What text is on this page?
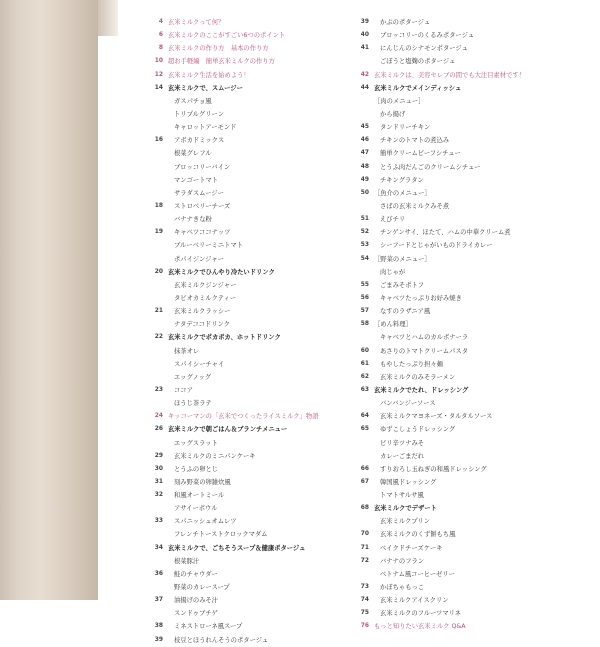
4 玄米ミルクって何？
6 玄米ミルクのここがすごい6つのポイント
8 玄米ミルクの作り方　基本の作り方
10 超お手軽編　簡単玄米ミルクの作り方
12 玄米ミルク生活を始めよう！
14 玄米ミルクで、スムージー
ガスパチョ風
トリプルグリーン
キャロットアーモンド
16 アボカドミックス
根菜グレフル
ブロッコリーバイン
マンゴートマト
サラダスムージー
18 ストロベリーチーズ
バナナきな粉
19 キャベツココナッツ
ブルーベリーミニトマト
ポパイジンジャー
20 玄米ミルクでひんやり冷たいドリンク
玄米ミルクジンジャー
タピオカミルクティー
21 玄米ミルクラッシー
ナタデココドリンク
22 玄米ミルクでポカポカ、ホットドリンク
抹茶オレ
スパイシーチャイ
エッグノッグ
23 ココア
ほうじ茶ラテ
24 キッコーマンの「玄米でつくったライスミルク」物語
26 玄米ミルクで朝ごはん＆ブランチメニュー
エッグスラット
29 玄米ミルクのミニパンケーキ
30 とうふの卵とじ
31 刻み野菜の卵雑炊風
32 和風オートミール
アサイーボウル
33 スパニッシュオムレツ
フレンチトーストクロックマダム
34 玄米ミルクで、ごちそうスープ＆健康ポタージュ
根菜豚汁
36 鮭のチャウダー
野菜のカレースープ
37 油揚げのみそ汁
スンドゥブチゲ
38 ミネストローネ風スープ
39 枝豆とほうれんそうのポタージュ
39 かぶのポタージュ
40 ブロッコリーのくるみポタージュ
41 にんじんのシナモンポタージュ
ごぼうと塩麹のポタージュ
42 玄米ミルクは、美容セレブの間でも大注目素材です！
44 玄米ミルクでメインディッシュ
［肉のメニュー］
から揚げ
45 タンドリーチキン
46 チキンのトマトの煮込み
47 簡単クリームビーフシチュー
48 とうふ肉だんごのクリームシチュー
49 チキングラタン
50 ［魚介のメニュー］
さばの玄米ミルクみそ煮
51 えびチリ
52 チンゲンサイ、ほたて、ハムの中華クリーム煮
53 シーフードとじゃがいものドライカレー
54 ［野菜のメニュー］
肉じゃが
55 ごまみそポトフ
56 キャベツたっぷりお好み焼き
57 なすのラザニア風
58 ［めん料理］
キャベツとハムのカルボナーラ
60 あさりのトマトクリームパスタ
61 もやしたっぷり担々麺
62 玄米ミルクのみそラーメン
63 玄米ミルクでたれ、ドレッシング
バンバンジーソース
64 玄米ミルクマヨネーズ・タルタルソース
65 ゆずこしょうドレッシング
ピリ辛ツナみそ
カレーごまだれ
66 すりおろし玉ねぎの和風ドレッシング
67 韓国風ドレッシング
トマトサルサ風
68 玄米ミルクでデザート
玄米ミルクプリン
70 玄米ミルクのくず餅もち風
71 ベイクドチーズケーキ
72 バナナのフラン
ベトナム風コーヒーゼリー
73 かぼちゃもっこ
74 玄米ミルクアイスクリン
75 玄米ミルクのフルーツマリネ
76 もっと知りたい玄米ミルク Q&A
